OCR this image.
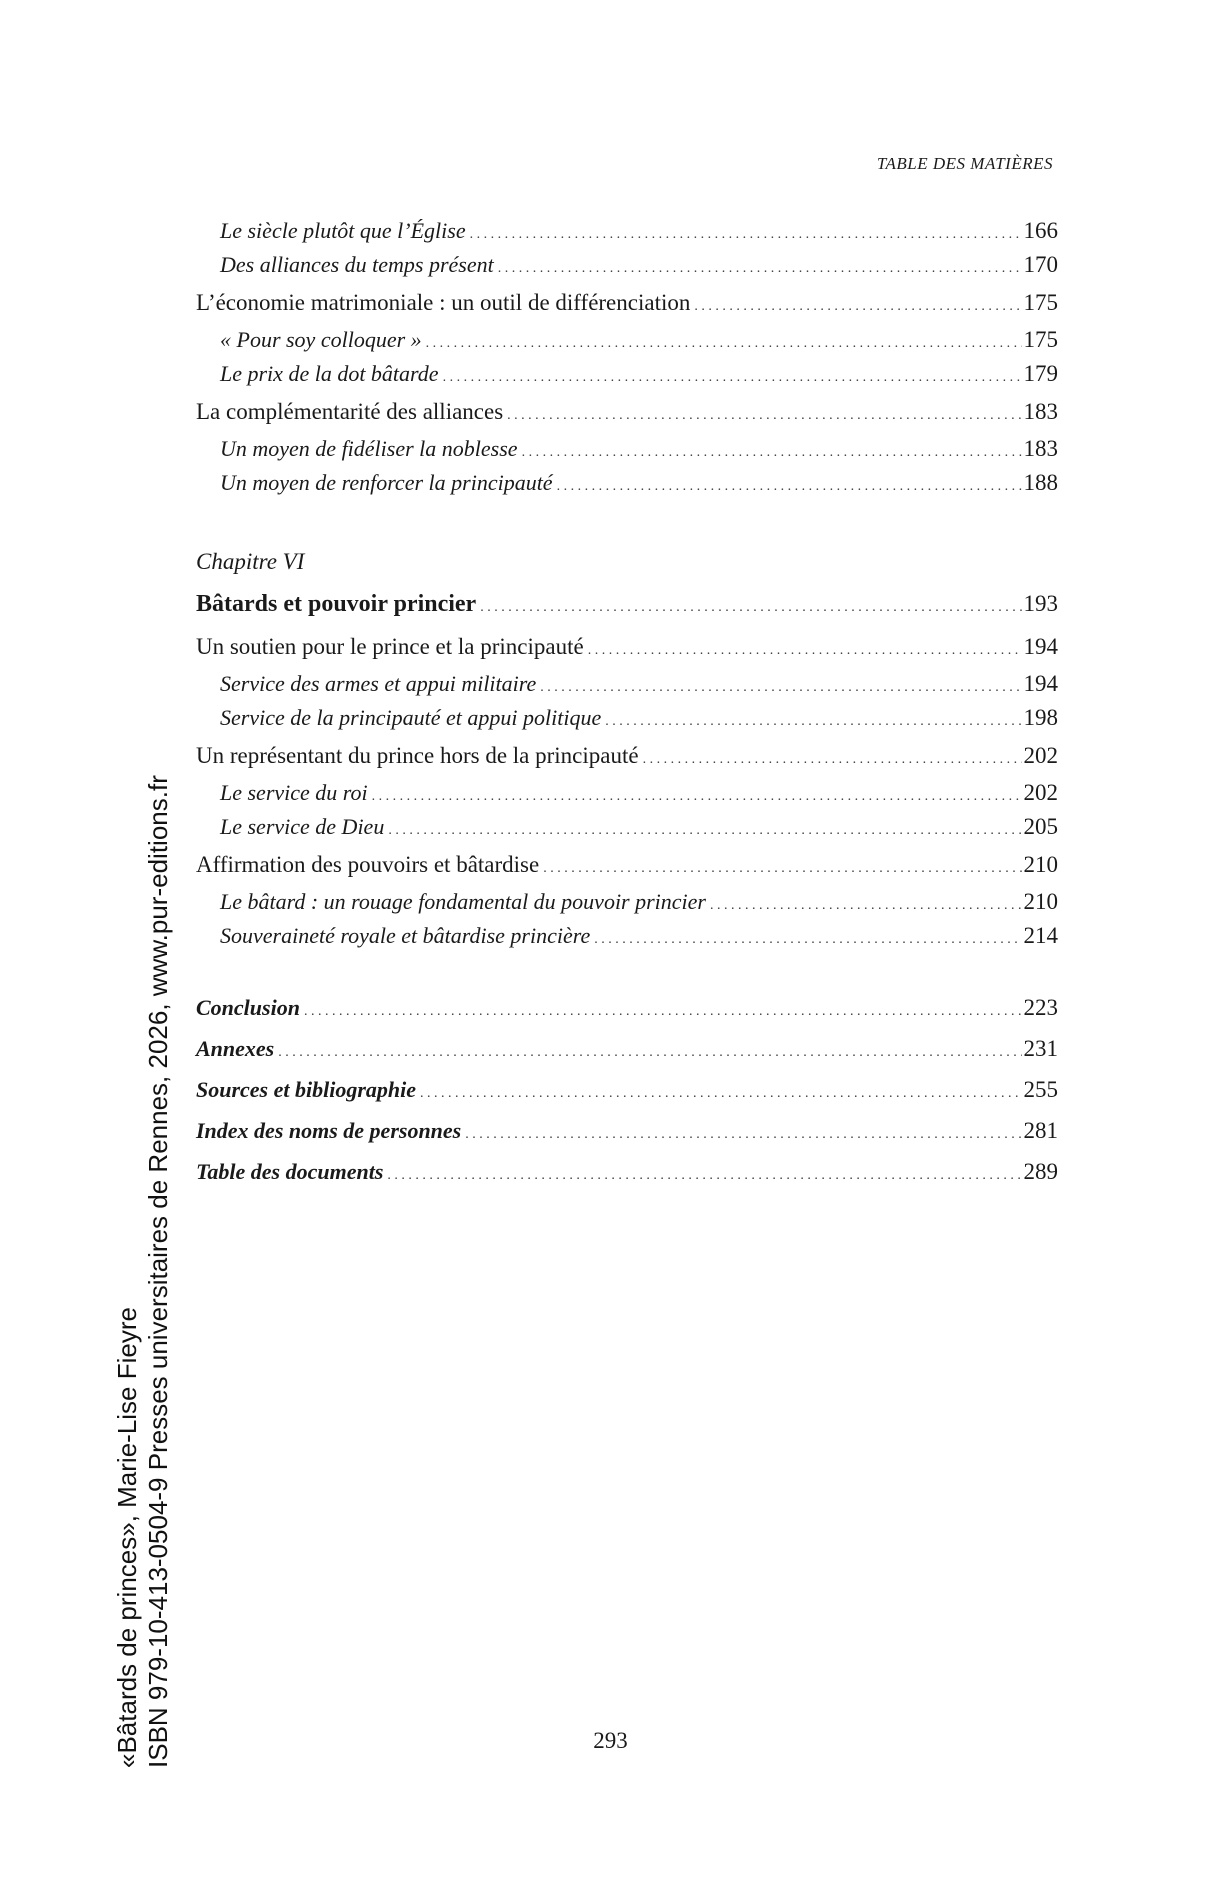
TABLE DES MATIÈRES
Le siècle plutôt que l’Église . . .	166
Des alliances du temps présent . . .	170
L’économie matrimoniale : un outil de différenciation . . .	175
« Pour soy colloquer » . . .	175
Le prix de la dot bâtarde . . .	179
La complémentarité des alliances . . .	183
Un moyen de fidéliser la noblesse . . .	183
Un moyen de renforcer la principauté . . .	188
Chapitre VI
Bâtards et pouvoir princier . . .	193
Un soutien pour le prince et la principauté . . .	194
Service des armes et appui militaire . . .	194
Service de la principauté et appui politique . . .	198
Un représentant du prince hors de la principauté . . .	202
Le service du roi . . .	202
Le service de Dieu . . .	205
Affirmation des pouvoirs et bâtardise . . .	210
Le bâtard : un rouage fondamental du pouvoir princier . . .	210
Souveraineté royale et bâtardise princière . . .	214
Conclusion . . .	223
Annexes . . .	231
Sources et bibliographie . . .	255
Index des noms de personnes . . .	281
Table des documents . . .	289
293
«Bâtards de princes», Marie-Lise Fieyre ISBN 979-10-413-0504-9 Presses universitaires de Rennes, 2026, www.pur-editions.fr
